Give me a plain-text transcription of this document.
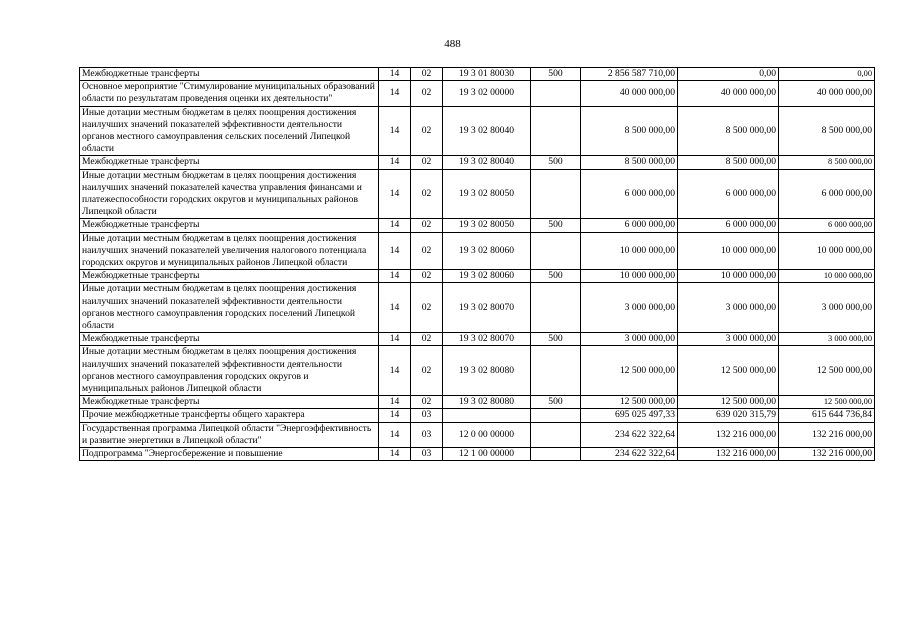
488
Межбюджетные трансферты	14	02	19 3 01 80030	500	2 856 587 710,00	0,00	0,00
Основное мероприятие "Стимулирование муниципальных образований области по результатам проведения оценки их деятельности"	14	02	19 3 02 00000		40 000 000,00	40 000 000,00	40 000 000,00
Иные дотации местным бюджетам в целях поощрения достижения наилучших значений показателей эффективности деятельности органов местного самоуправления сельских поселений Липецкой области	14	02	19 3 02 80040		8 500 000,00	8 500 000,00	8 500 000,00
Межбюджетные трансферты	14	02	19 3 02 80040	500	8 500 000,00	8 500 000,00	8 500 000,00
Иные дотации местным бюджетам в целях поощрения достижения наилучших значений показателей качества управления финансами и платежеспособности городских округов и муниципальных районов Липецкой области	14	02	19 3 02 80050		6 000 000,00	6 000 000,00	6 000 000,00
Межбюджетные трансферты	14	02	19 3 02 80050	500	6 000 000,00	6 000 000,00	6 000 000,00
Иные дотации местным бюджетам в целях поощрения достижения наилучших значений показателей увеличения налогового потенциала городских округов и муниципальных районов Липецкой области	14	02	19 3 02 80060		10 000 000,00	10 000 000,00	10 000 000,00
Межбюджетные трансферты	14	02	19 3 02 80060	500	10 000 000,00	10 000 000,00	10 000 000,00
Иные дотации местным бюджетам в целях поощрения достижения наилучших значений показателей эффективности деятельности органов местного самоуправления городских поселений Липецкой области	14	02	19 3 02 80070		3 000 000,00	3 000 000,00	3 000 000,00
Межбюджетные трансферты	14	02	19 3 02 80070	500	3 000 000,00	3 000 000,00	3 000 000,00
Иные дотации местным бюджетам в целях поощрения достижения наилучших значений показателей эффективности деятельности органов местного самоуправления городских округов и муниципальных районов Липецкой области	14	02	19 3 02 80080		12 500 000,00	12 500 000,00	12 500 000,00
Межбюджетные трансферты	14	02	19 3 02 80080	500	12 500 000,00	12 500 000,00	12 500 000,00
Прочие межбюджетные трансферты общего характера	14	03			695 025 497,33	639 020 315,79	615 644 736,84
Государственная программа Липецкой области "Энергоэффективность и развитие энергетики в Липецкой области"	14	03	12 0 00 00000		234 622 322,64	132 216 000,00	132 216 000,00
Подпрограмма "Энергосбережение и повышение	14	03	12 1 00 00000		234 622 322,64	132 216 000,00	132 216 000,00
